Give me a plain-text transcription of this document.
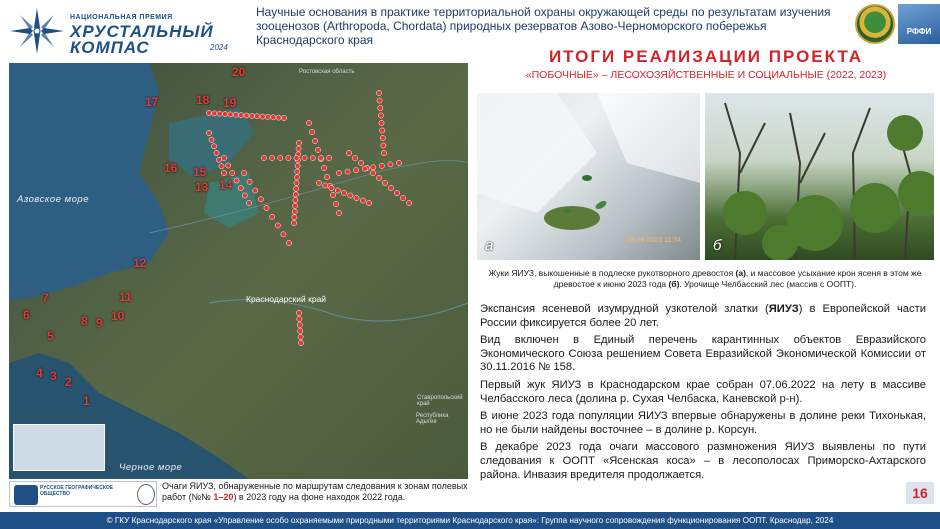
НАЦИОНАЛЬНАЯ ПРЕМИЯ
ХРУСТАЛЬНЫЙ
КОМПАС	2024
Научные основания в практике территориальной охраны окружающей среды по результатам изучения зооценозов (Arthropoda, Chordata) природных резерватов Азово-Черноморского побережья Краснодарского края
РФФИ
ИТОГИ РЕАЛИЗАЦИИ ПРОЕКТА
«ПОБОЧНЫЕ» – ЛЕСОХОЗЯЙСТВЕННЫЕ И СОЦИАЛЬНЫЕ (2022, 2023)
Азовское море
Черное море
Краснодарский край
Ростовская область
Ставропольский край
Республика Адыгея
1
2
3
4
5
6
7
8 9 10
11
12
13 14
15
16
17	18 19
20
РУССКОЕ ГЕОГРАФИЧЕСКОЕ ОБЩЕСТВО
Очаги ЯИУЗ, обнаруженные по маршрутам следования к зонам полевых работ (№№ 1–20) в 2023 году на фоне находок 2022 года.
28.06.2023 11:34
а	б
Жуки ЯИУЗ, выкошенные в подлеске рукотворного древостоя (а), и массовое усыхание крон ясеня в этом же древостое к июню 2023 года (б). Урочище Челбасский лес (массив с ООПТ).

Экспансия ясеневой изумрудной узкотелой златки (ЯИУЗ) в Европейской части России фиксируется более 20 лет.

Вид включен в Единый перечень карантинных объектов Евразийского Экономического Союза решением Совета Евразийской Экономической Комиссии от 30.11.2016 № 158.

Первый жук ЯИУЗ в Краснодарском крае собран 07.06.2022 на лету в массиве Челбасского леса (долина р. Сухая Челбаска, Каневской р-н).

В июне 2023 года популяции ЯИУЗ впервые обнаружены в долине реки Тихонькая, но не были найдены восточнее – в долине р. Корсун.

В декабре 2023 года очаги массового размножения ЯИУЗ выявлены по пути следования к ООПТ «Ясенская коса» – в лесополосах Приморско-Ахтарского района. Инвазия вредителя продолжается.

16
© ГКУ Краснодарского края «Управление особо охраняемыми природными территориями Краснодарского края»: Группа научного сопровождения функционирования ООПТ. Краснодар, 2024
